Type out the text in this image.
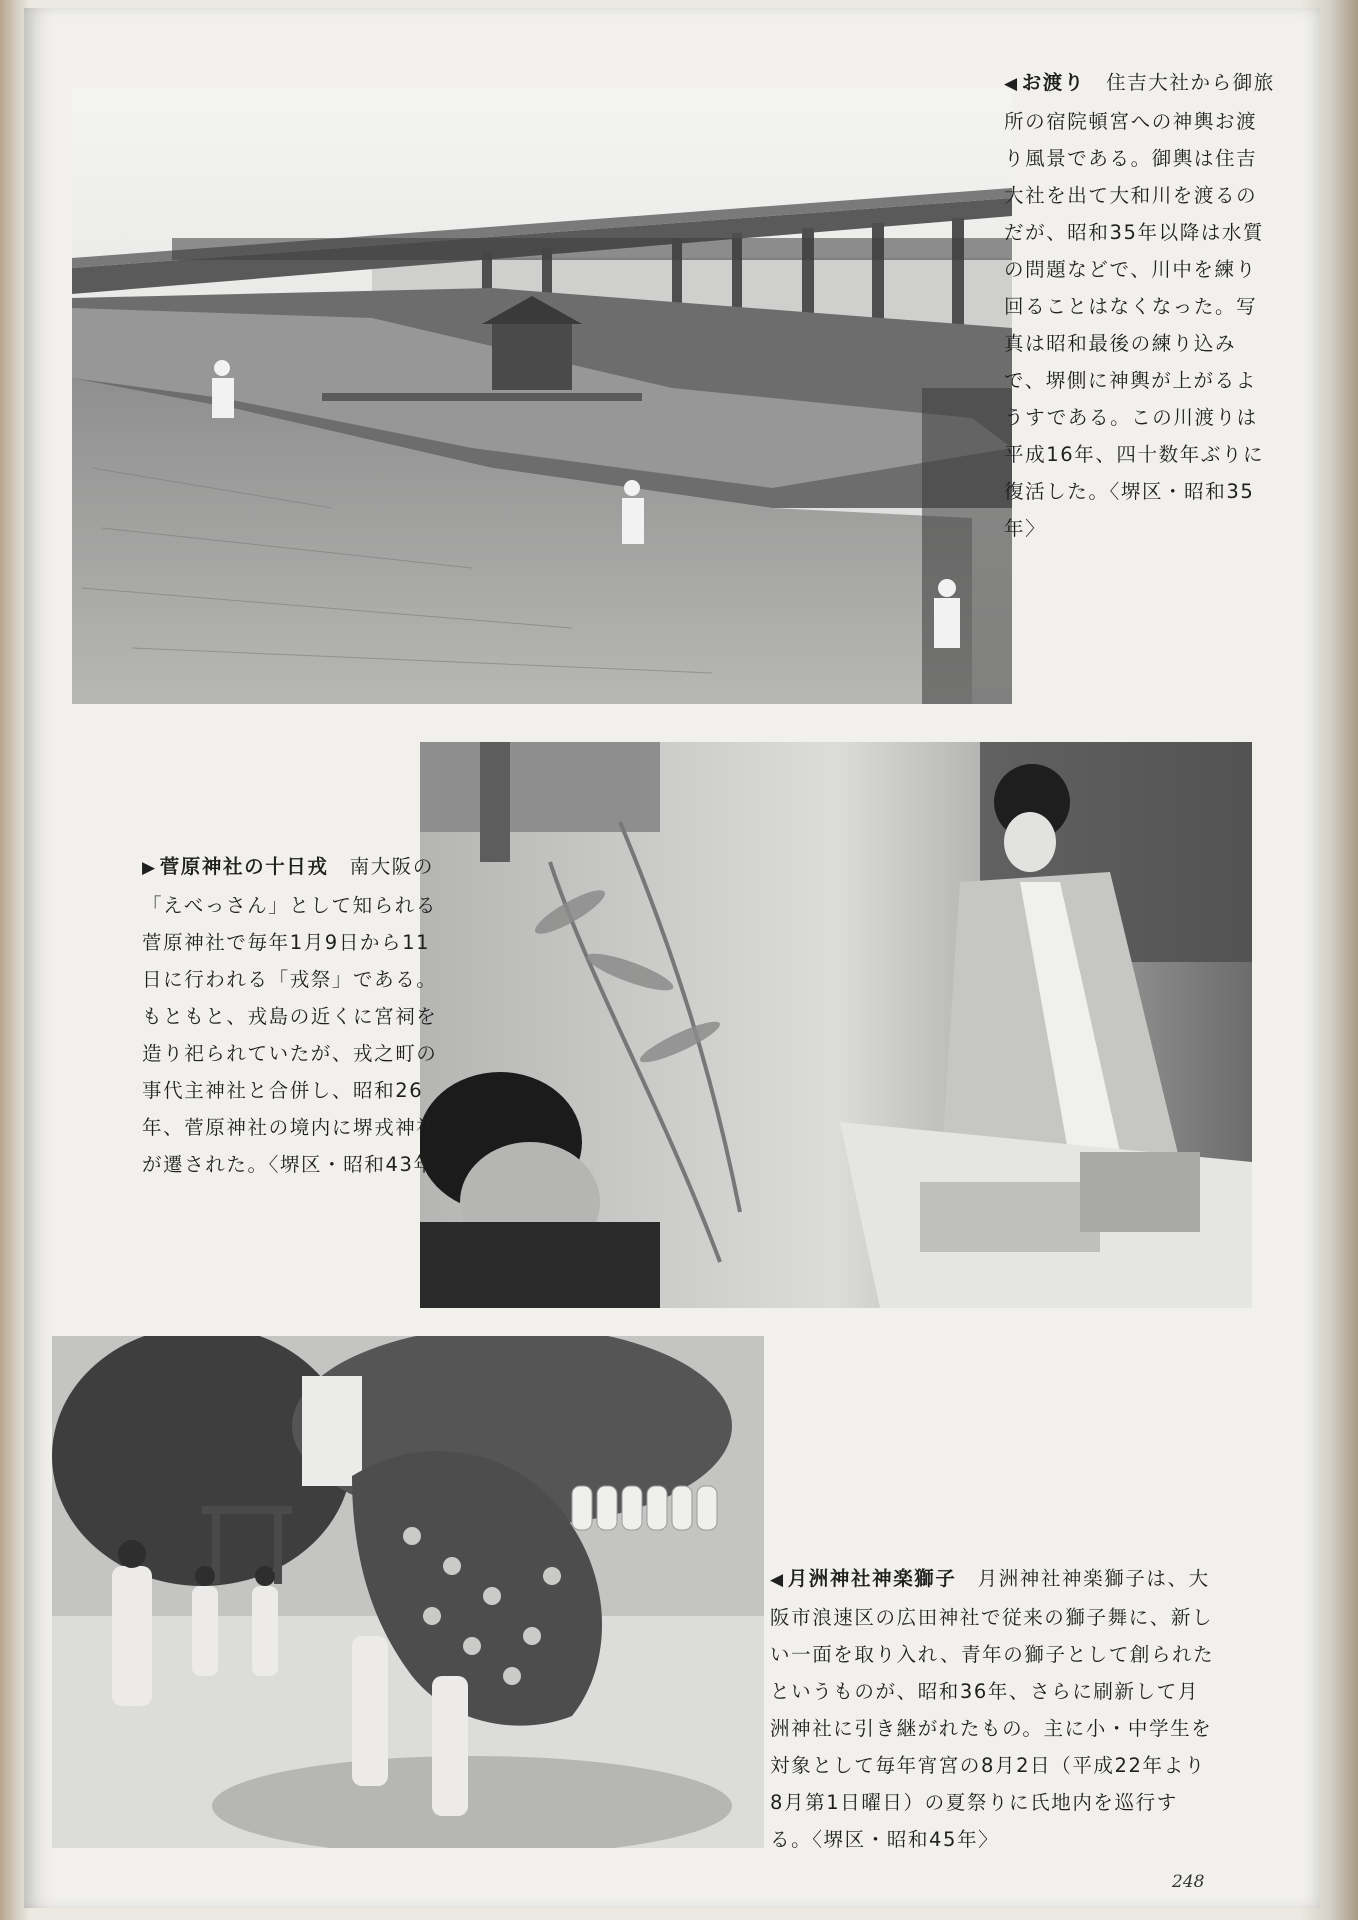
◀ お渡り　 住吉大社から御旅所の宿院頓宮への神輿お渡り風景である。御輿は住吉大社を出て大和川を渡るのだが、昭和35年以降は水質の問題などで、川中を練り回ることはなくなった。写真は昭和最後の練り込みで、堺側に神輿が上がるようすである。この川渡りは平成16年、四十数年ぶりに復活した。〈堺区・昭和35年〉
▶ 菅原神社の十日戎　 南大阪の「えべっさん」として知られる菅原神社で毎年1月9日から11日に行われる「戎祭」である。もともと、戎島の近くに宮祠を造り祀られていたが、戎之町の事代主神社と合併し、昭和26年、菅原神社の境内に堺戎神社が遷された。〈堺区・昭和43年〉
◀ 月洲神社神楽獅子　 月洲神社神楽獅子は、大阪市浪速区の広田神社で従来の獅子舞に、新しい一面を取り入れ、青年の獅子として創られたというものが、昭和36年、さらに刷新して月洲神社に引き継がれたもの。主に小・中学生を対象として毎年宵宮の8月2日（平成22年より8月第1日曜日）の夏祭りに氏地内を巡行する。〈堺区・昭和45年〉
248
